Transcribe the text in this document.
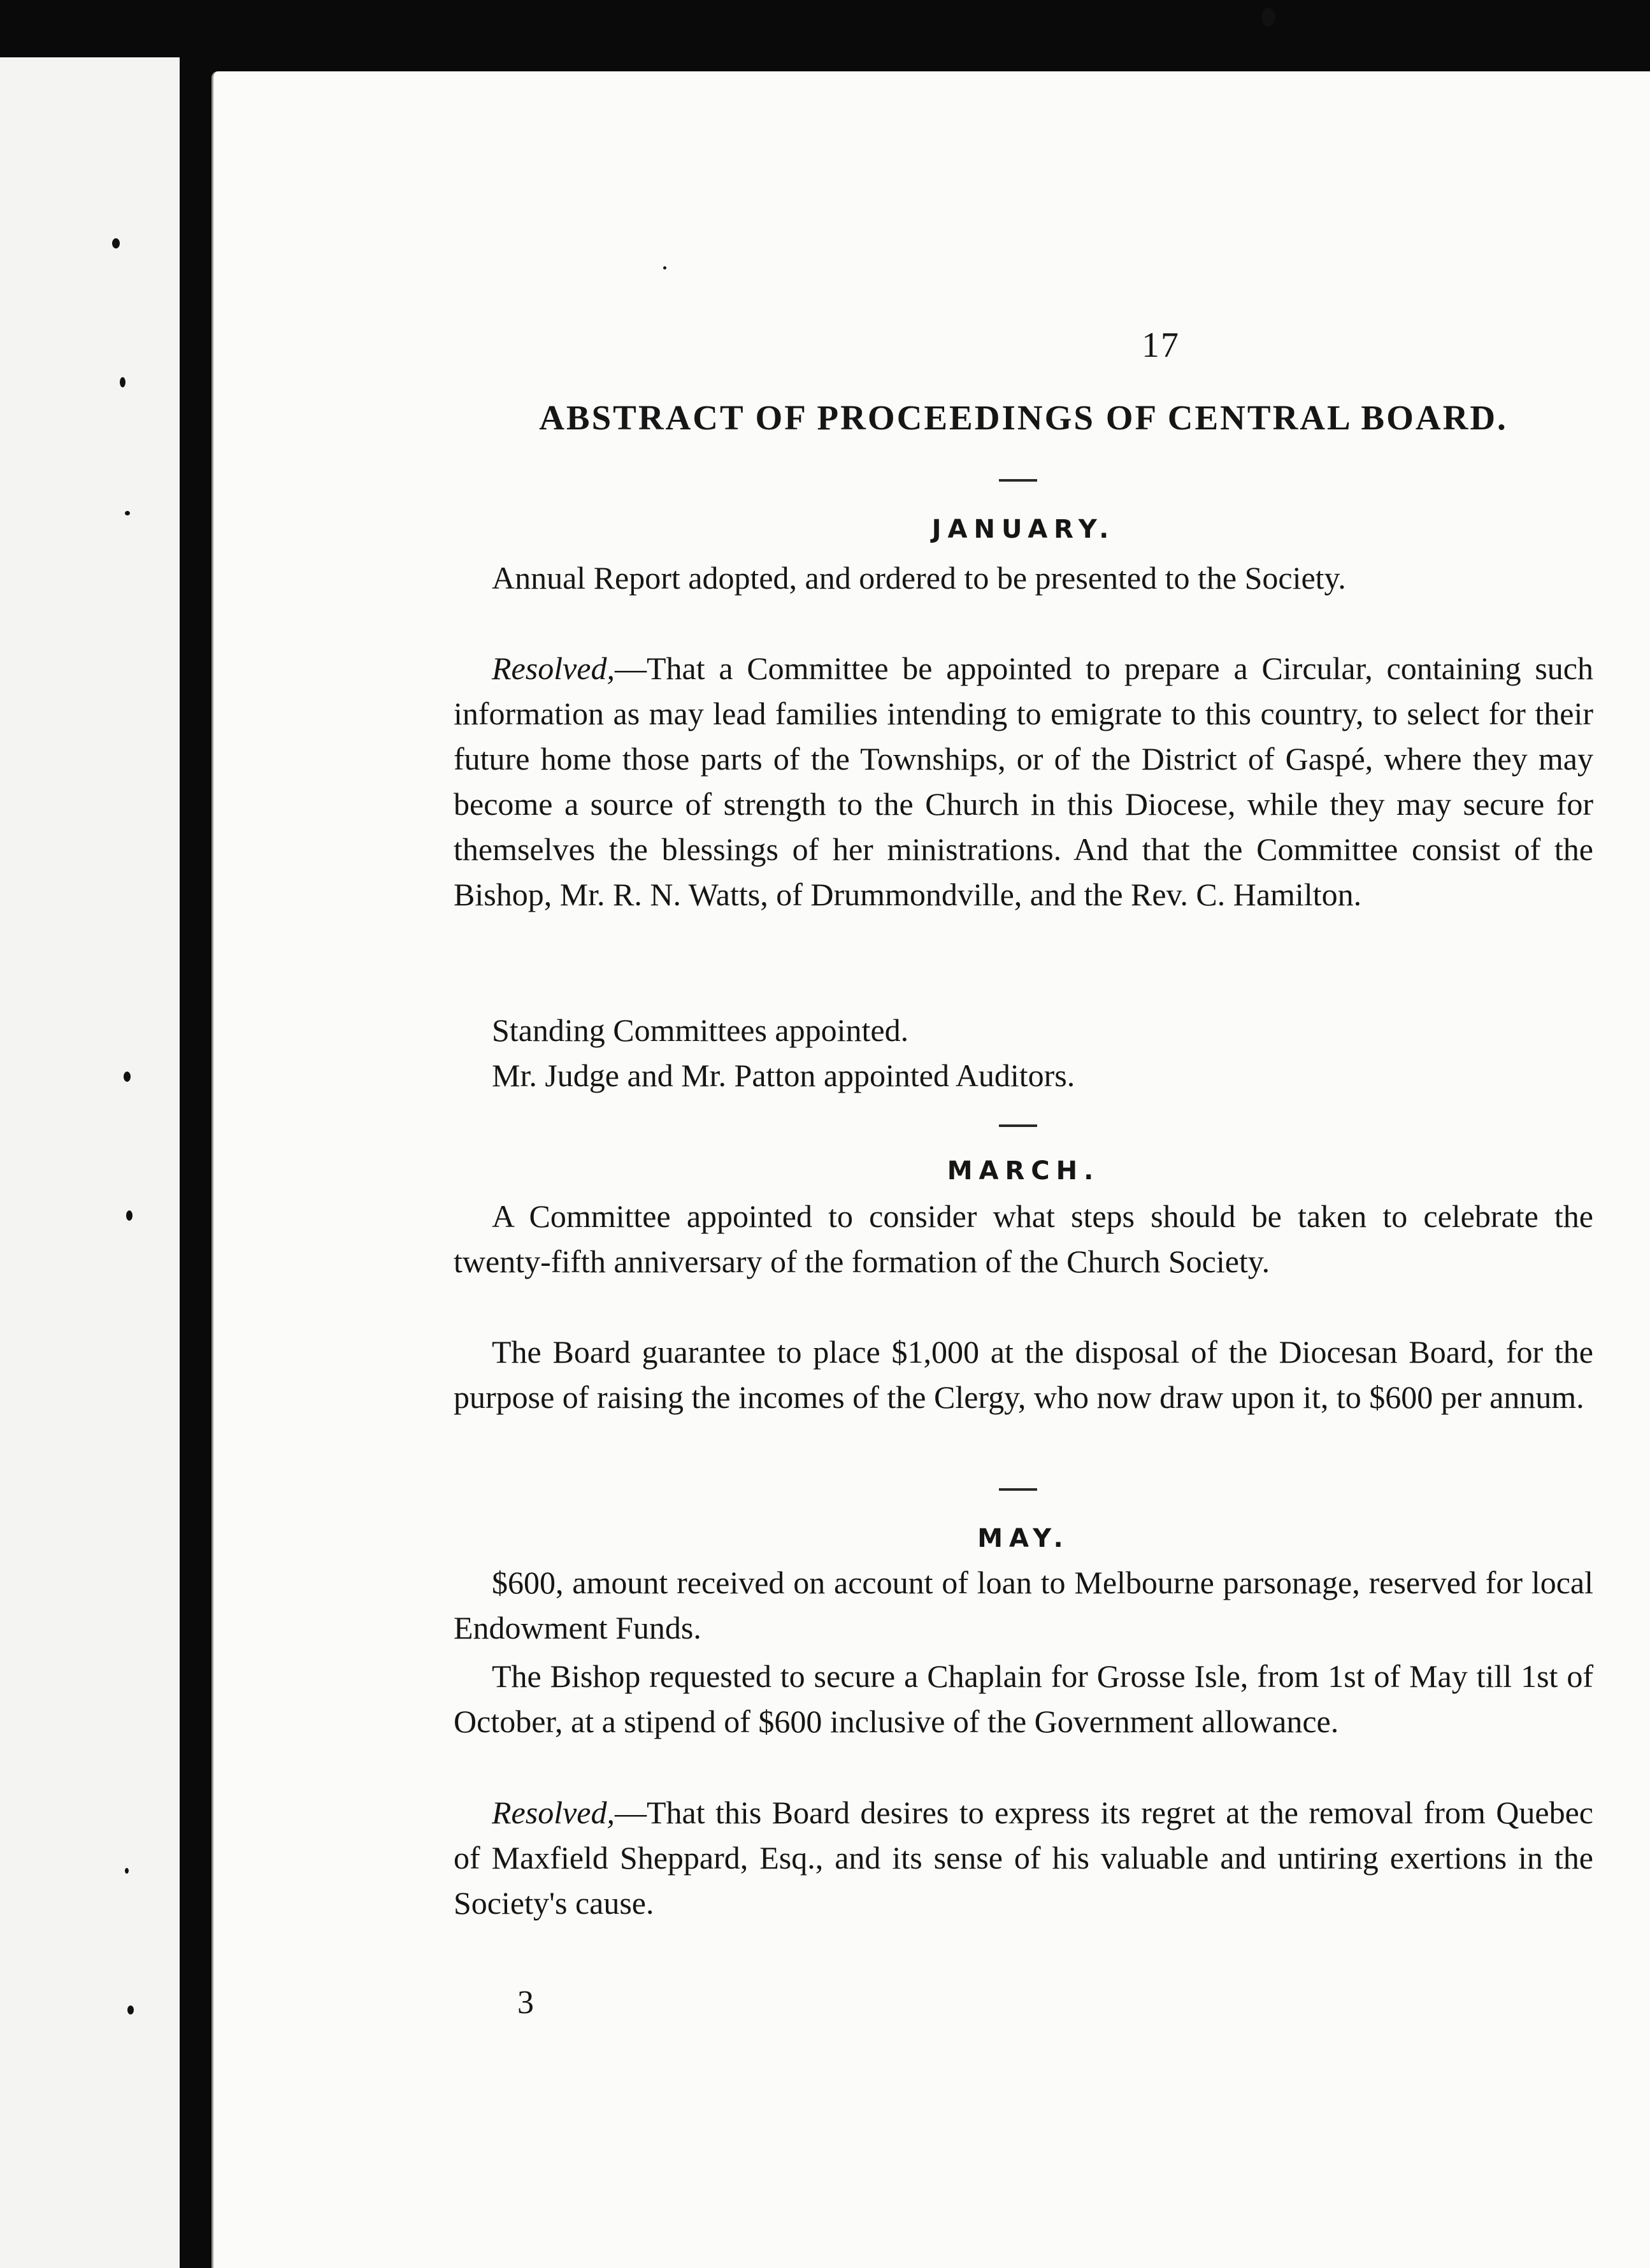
17

ABSTRACT OF PROCEEDINGS OF CENTRAL BOARD.
JANUARY.

Annual Report adopted, and ordered to be presented to the Society.

Resolved,—That a Committee be appointed to prepare a Circular, containing such information as may lead families intending to emigrate to this country, to select for their future home those parts of the Townships, or of the District of Gaspé, where they may become a source of strength to the Church in this Diocese, while they may secure for themselves the blessings of her ministrations. And that the Committee consist of the Bishop, Mr. R. N. Watts, of Drummondville, and the Rev. C. Hamilton.

Standing Committees appointed.

Mr. Judge and Mr. Patton appointed Auditors.

MARCH.

A Committee appointed to consider what steps should be taken to celebrate the twenty-fifth anniversary of the formation of the Church Society.

The Board guarantee to place $1,000 at the disposal of the Diocesan Board, for the purpose of raising the incomes of the Clergy, who now draw upon it, to $600 per annum.

MAY.

$600, amount received on account of loan to Melbourne parsonage, reserved for local Endowment Funds.

The Bishop requested to secure a Chaplain for Grosse Isle, from 1st of May till 1st of October, at a stipend of $600 inclusive of the Government allowance.

Resolved,—That this Board desires to express its regret at the removal from Quebec of Maxfield Sheppard, Esq., and its sense of his valuable and untiring exertions in the Society's cause.

3
